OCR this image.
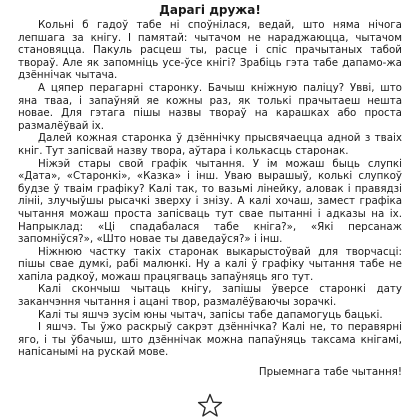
Дарагі дружа!

Кольні б гадоў табе ні споўнілася, ведай, што няма нічога лепшага за кнігу. І памятай: чытачом не нараджаюцца, чытачом становяцца. Пакуль расцеш ты, расце і спіс прачытаных табой твораў. Але як запомніць усе-ўсе кнігі? Зрабіць гэта табе дапамо-жа дзённічак чытача.

А цяпер перагарні старонку. Бачыш кніжную паліцу? Увві, што яна тваа, і запаўняй яе кожны раз, як толькі прачытаеш нешта новае. Для гэтага пішы назвы твораў на карашках або проста размалёўвай іх.

Далей кожная старонка ў дзённічку прысвячаецца адной з тваіх кніг. Тут запісвай назву твора, аўтара і колькасць старонак.

Ніжэй стары свой графік чытання. У ім можаш быць слупкі «Дата», «Старонкі», «Казка» і інш. Уваю вырашыў, колькі слупкоў будзе ў тваім графіку? Калі так, то вазьмі лінейку, аловак і правядзі лініі, злучыўшы рысачкі зверху і знізу. А калі хочаш, замест графіка чытання можаш проста запісваць тут свае пытанні і адказы на іх. Напрыклад: «Ці спадабалася табе кніга?», «Які персанаж запомніўся?», «Што новае ты даведаўся?» і інш.

Ніжнюю частку такіх старонак выкарыстоўвай для творчасці: пішы свае думкі, рабі малюнкі. Ну а калі ў графіку чытання табе не хапіла радкоў, можаш працягваць запаўняць яго тут.

Калі скончыш чытаць кнігу, запішы ўверсе старонкі дату заканчэння чытання і ацані твор, размалёўваючы зорачкі.

Калі ты яшчэ зусім юны чытач, запісы табе дапамогуць бацькі.

І яшчэ. Ты ўжо раскрыў сакрэт дзённічка? Калі не, то перавярні яго, і ты ўбачыш, што дзённічак можна папаўняць таксама кнігамі, напісанымі на рускай мове.

Прыемнага табе чытання!
